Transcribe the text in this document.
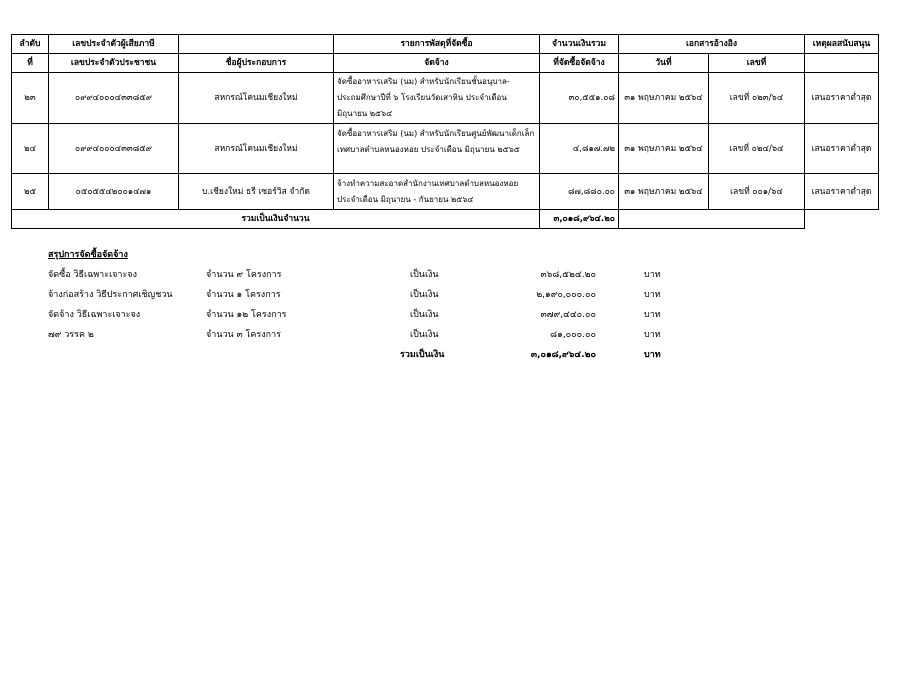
ลำดับ	เลขประจำตัวผู้เสียภาษี		รายการพัสดุที่จัดซื้อ	จำนวนเงินรวม	เอกสารอ้างอิง		เหตุผลสนับสนุน
ที่	เลขประจำตัวประชาชน	ชื่อผู้ประกอบการ	จัดจ้าง	ที่จัดซื้อจัดจ้าง	วันที่	เลขที่	
๒๓	๐๙๙๔๐๐๐๔๓๓๘๕๙	สหกรณ์โคนมเชียงใหม่	จัดซื้ออาหารเสริม (นม) สำหรับนักเรียนชั้นอนุบาล-
ประถมศึกษาปีที่ ๖ โรงเรียนวัดเสาหิน ประจำเดือน
มิถุนายน ๒๕๖๔	๓๐,๕๕๑.๐๘	๓๑ พฤษภาคม ๒๕๖๔	เลขที่ ๐๒๓/๖๔	เสนอราคาต่ำสุด
๒๔	๐๙๙๔๐๐๐๔๓๓๘๕๙	สหกรณ์โคนมเชียงใหม่	จัดซื้ออาหารเสริม (นม) สำหรับนักเรียนศูนย์พัฒนาเด็กเล็ก
เทศบาลตำบลหนองหอย ประจำเดือน มิถุนายน ๒๕๖๕	๔,๘๑๗.๗๒	๓๑ พฤษภาคม ๒๕๖๔	เลขที่ ๐๒๔/๖๔	เสนอราคาต่ำสุด
๒๕	๐๕๐๕๕๔๒๐๐๑๔๗๑	บ.เชียงใหม่ ธรี เซอร์วิส จำกัด	จ้างทำความสะอาดสำนักงานเทศบาลตำบลหนองหอย
ประจำเดือน มิถุนายน - กันยายน ๒๕๖๔	๘๗,๘๘๐.๐๐	๓๑ พฤษภาคม ๒๕๖๔	เลขที่ ๐๐๑/๖๔	เสนอราคาต่ำสุด
รวมเป็นเงินจำนวน				๓,๐๑๘,๙๖๔.๒๐			
สรุปการจัดซื้อจัดจ้าง
จัดซื้อ วิธีเฉพาะเจาะจง	จำนวน ๙ โครงการ	เป็นเงิน	๓๖๘,๕๒๔.๒๐	บาท
จ้างก่อสร้าง วิธีประกาศเชิญชวน	จำนวน ๑ โครงการ	เป็นเงิน	๒,๑๙๐,๐๐๐.๐๐	บาท
จัดจ้าง วิธีเฉพาะเจาะจง	จำนวน ๑๒ โครงการ	เป็นเงิน	๓๗๙,๔๔๐.๐๐	บาท
๗๙ วรรค ๒	จำนวน ๓ โครงการ	เป็นเงิน	๘๑,๐๐๐.๐๐	บาท
รวมเป็นเงิน	๓,๐๑๘,๙๖๔.๒๐	บาท
